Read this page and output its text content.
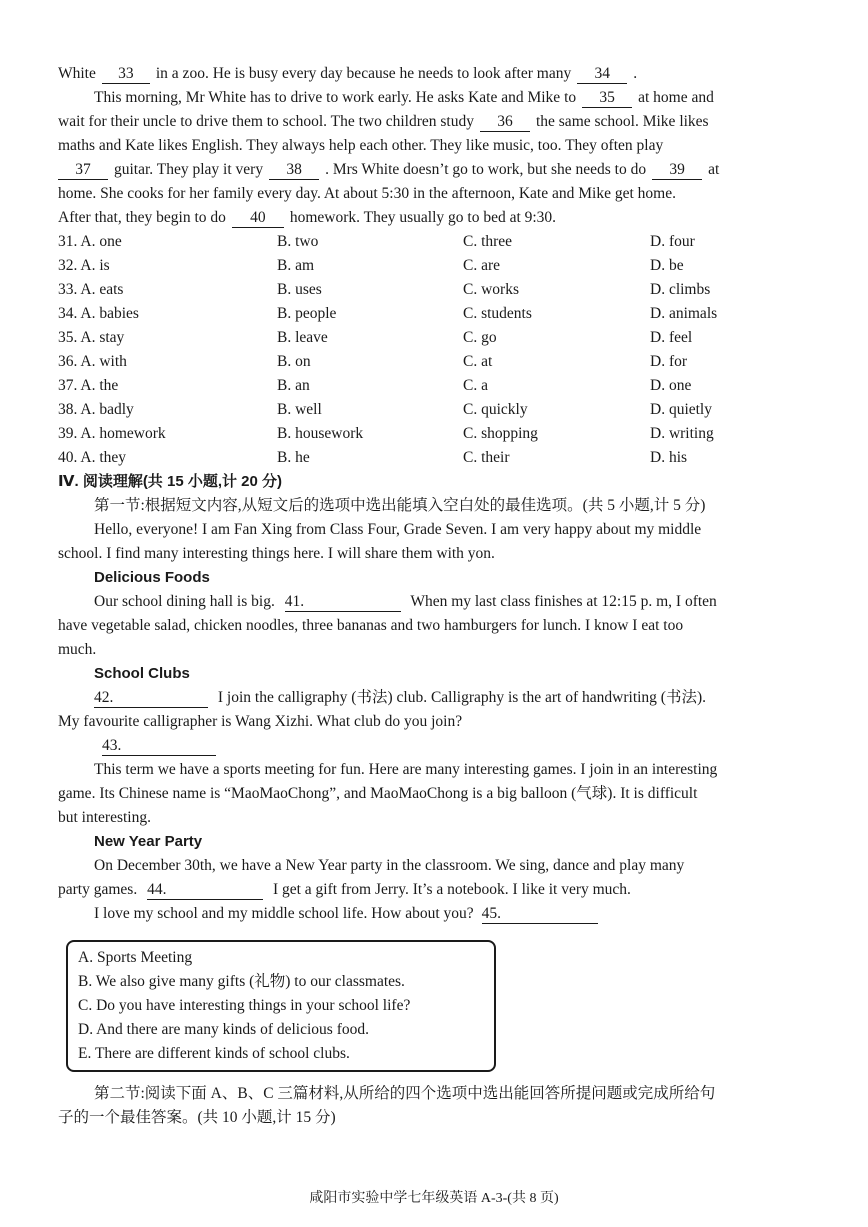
White 33 in a zoo. He is busy every day because he needs to look after many 34 .
This morning, Mr White has to drive to work early. He asks Kate and Mike to 35 at home and
wait for their uncle to drive them to school. The two children study 36 the same school. Mike likes
maths and Kate likes English. They always help each other. They like music, too. They often play
37 guitar. They play it very 38 . Mrs White doesn’t go to work, but she needs to do 39 at
home. She cooks for her family every day. At about 5:30 in the afternoon, Kate and Mike get home.
After that, they begin to do 40 homework. They usually go to bed at 9:30.
31. A. one	B. two	C. three	D. four
32. A. is	B. am	C. are	D. be
33. A. eats	B. uses	C. works	D. climbs
34. A. babies	B. people	C. students	D. animals
35. A. stay	B. leave	C. go	D. feel
36. A. with	B. on	C. at	D. for
37. A. the	B. an	C. a	D. one
38. A. badly	B. well	C. quickly	D. quietly
39. A. homework	B. housework	C. shopping	D. writing
40. A. they	B. he	C. their	D. his
Ⅳ. 阅读理解(共 15 小题,计 20 分)
第一节:根据短文内容,从短文后的选项中选出能填入空白处的最佳选项。(共 5 小题,计 5 分)
Hello, everyone! I am Fan Xing from Class Four, Grade Seven. I am very happy about my middle
school. I find many interesting things here. I will share them with yon.
Delicious Foods
Our school dining hall is big. 41.	When my last class finishes at 12:15 p. m, I often
have vegetable salad, chicken noodles, three bananas and two hamburgers for lunch. I know I eat too
much.
School Clubs
42.	I join the calligraphy (书法) club. Calligraphy is the art of handwriting (书法).
My favourite calligrapher is Wang Xizhi. What club do you join?
43.
This term we have a sports meeting for fun. Here are many interesting games. I join in an interesting
game. Its Chinese name is “MaoMaoChong”, and MaoMaoChong is a big balloon (气球). It is difficult
but interesting.
New Year Party
On December 30th, we have a New Year party in the classroom. We sing, dance and play many
party games. 44.	I get a gift from Jerry. It’s a notebook. I like it very much.
I love my school and my middle school life. How about you? 45.
A. Sports Meeting
B. We also give many gifts (礼物) to our classmates.
C. Do you have interesting things in your school life?
D. And there are many kinds of delicious food.
E. There are different kinds of school clubs.
第二节:阅读下面 A、B、C 三篇材料,从所给的四个选项中选出能回答所提问题或完成所给句
子的一个最佳答案。(共 10 小题,计 15 分)
咸阳市实验中学七年级英语 A-3-(共 8 页)
